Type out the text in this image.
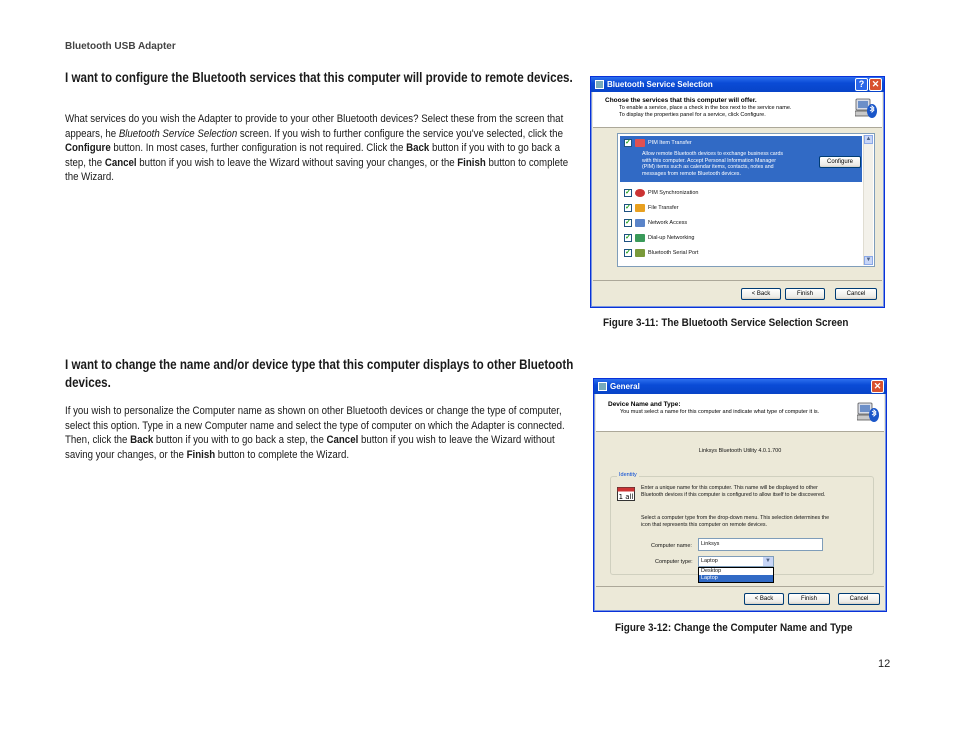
Bluetooth USB Adapter
I want to configure the Bluetooth services that this computer will provide to remote devices.
What services do you wish the Adapter to provide to your other Bluetooth devices? Select these from the screen that appears, he Bluetooth Service Selection screen. If you wish to further configure the service you've selected, click the Configure button. In most cases, further configuration is not required. Click the Back button if you with to go back a step, the Cancel button if you wish to leave the Wizard without saving your changes, or the Finish button to complete the Wizard.
Bluetooth Service Selection	? ✕
Choose the services that this computer will offer.
To enable a service, place a check in the box next to the service name.
To display the properties panel for a service, click Configure.
✓	PIM Item Transfer
Allow remote Bluetooth devices to exchange business cards
with this computer. Accept Personal Information Manager
(PIM) items such as calendar items, contacts, notes and
messages from remote Bluetooth devices.
Configure
✓	PIM Synchronization
✓	File Transfer
✓	Network Access
✓	Dial-up Networking
✓	Bluetooth Serial Port
▲
▼
< Back	Finish	Cancel
Figure 3-11: The Bluetooth Service Selection Screen
I want to change the name and/or device type that this computer displays to other Bluetooth
devices.
If you wish to personalize the Computer name as shown on other Bluetooth devices or change the type of computer, select this option. Type in a new Computer name and select the type of computer on which the Adapter is connected. Then, click the Back button if you with to go back a step, the Cancel button if you wish to leave the Wizard without saving your changes, or the Finish button to complete the Wizard.
General	✕
Device Name and Type:
You must select a name for this computer and indicate what type of computer it is.
Linksys Bluetooth Utility 4.0.1.700
Identity
1 all
Enter a unique name for this computer. This name will be displayed to other
Bluetooth devices if this computer is configured to allow itself to be discovered.
Select a computer type from the drop-down menu. This selection determines the
icon that represents this computer on remote devices.
Computer name:	Linksys
Computer type:	Laptop	▼
Desktop
Laptop
< Back	Finish	Cancel
Figure 3-12: Change the Computer Name and Type
12
